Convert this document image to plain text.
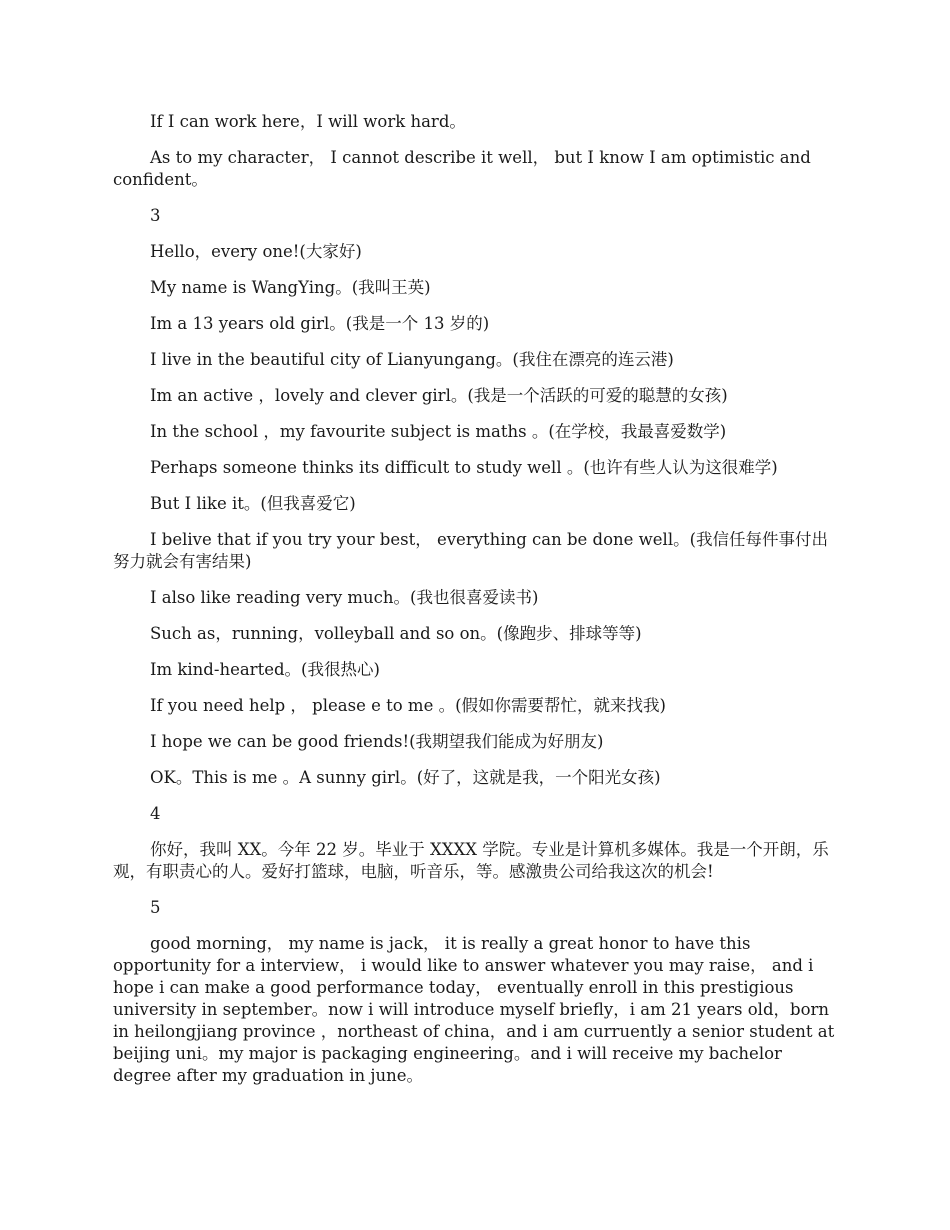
If I can work here，I will work hard。

As to my character， I cannot describe it well， but I know I am optimistic and confident。

3

Hello，every one!(大家好)

My name is WangYing。(我叫王英)

Im a 13 years old girl。(我是一个 13 岁的)

I live in the beautiful city of Lianyungang。(我住在漂亮的连云港)

Im an active ，lovely and clever girl。(我是一个活跃的可爱的聪慧的女孩)

In the school ，my favourite subject is maths 。(在学校，我最喜爱数学)

Perhaps someone thinks its difficult to study well 。(也许有些人认为这很难学)

But I like it。(但我喜爱它)

I belive that if you try your best， everything can be done well。(我信任每件事付出努力就会有害结果)

I also like reading very much。(我也很喜爱读书)

Such as，running，volleyball and so on。(像跑步、排球等等)

Im kind-hearted。(我很热心)

If you need help ， please e to me 。(假如你需要帮忙，就来找我)

I hope we can be good friends!(我期望我们能成为好朋友)

OK。This is me 。A sunny girl。(好了，这就是我，一个阳光女孩)

4

你好，我叫 XX。今年 22 岁。毕业于 XXXX 学院。专业是计算机多媒体。我是一个开朗，乐观，有职责心的人。爱好打篮球，电脑，听音乐，等。感激贵公司给我这次的机会!

5

good morning， my name is jack， it is really a great honor to have this opportunity for a interview， i would like to answer whatever you may raise， and i hope i can make a good performance today， eventually enroll in this prestigious university in september。now i will introduce myself briefly，i am 21 years old，born in heilongjiang province ，northeast of china，and i am curruently a senior student at beijing uni。my major is packaging engineering。and i will receive my bachelor degree after my graduation in june。
